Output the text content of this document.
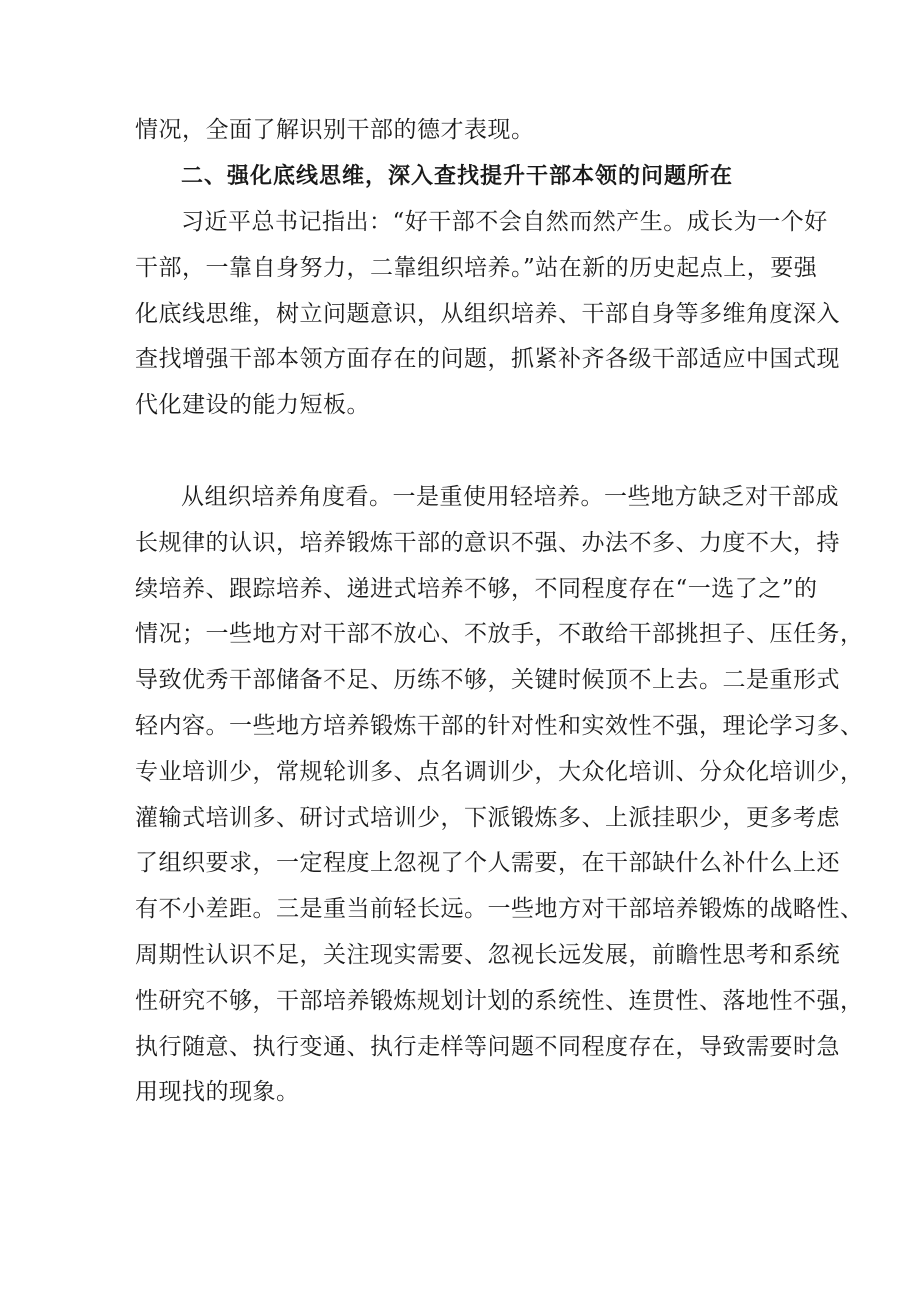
情况，全面了解识别干部的德才表现。
二、强化底线思维，深入查找提升干部本领的问题所在
习近平总书记指出：“好干部不会自然而然产生。成长为一个好
干部，一靠自身努力，二靠组织培养。”站在新的历史起点上，要强
化底线思维，树立问题意识，从组织培养、干部自身等多维角度深入
查找增强干部本领方面存在的问题，抓紧补齐各级干部适应中国式现
代化建设的能力短板。
从组织培养角度看。一是重使用轻培养。一些地方缺乏对干部成
长规律的认识，培养锻炼干部的意识不强、办法不多、力度不大，持
续培养、跟踪培养、递进式培养不够，不同程度存在“一选了之”的
情况；一些地方对干部不放心、不放手，不敢给干部挑担子、压任务，
导致优秀干部储备不足、历练不够，关键时候顶不上去。二是重形式
轻内容。一些地方培养锻炼干部的针对性和实效性不强，理论学习多、
专业培训少，常规轮训多、点名调训少，大众化培训、分众化培训少，
灌输式培训多、研讨式培训少，下派锻炼多、上派挂职少，更多考虑
了组织要求，一定程度上忽视了个人需要，在干部缺什么补什么上还
有不小差距。三是重当前轻长远。一些地方对干部培养锻炼的战略性、
周期性认识不足，关注现实需要、忽视长远发展，前瞻性思考和系统
性研究不够，干部培养锻炼规划计划的系统性、连贯性、落地性不强，
执行随意、执行变通、执行走样等问题不同程度存在，导致需要时急
用现找的现象。
